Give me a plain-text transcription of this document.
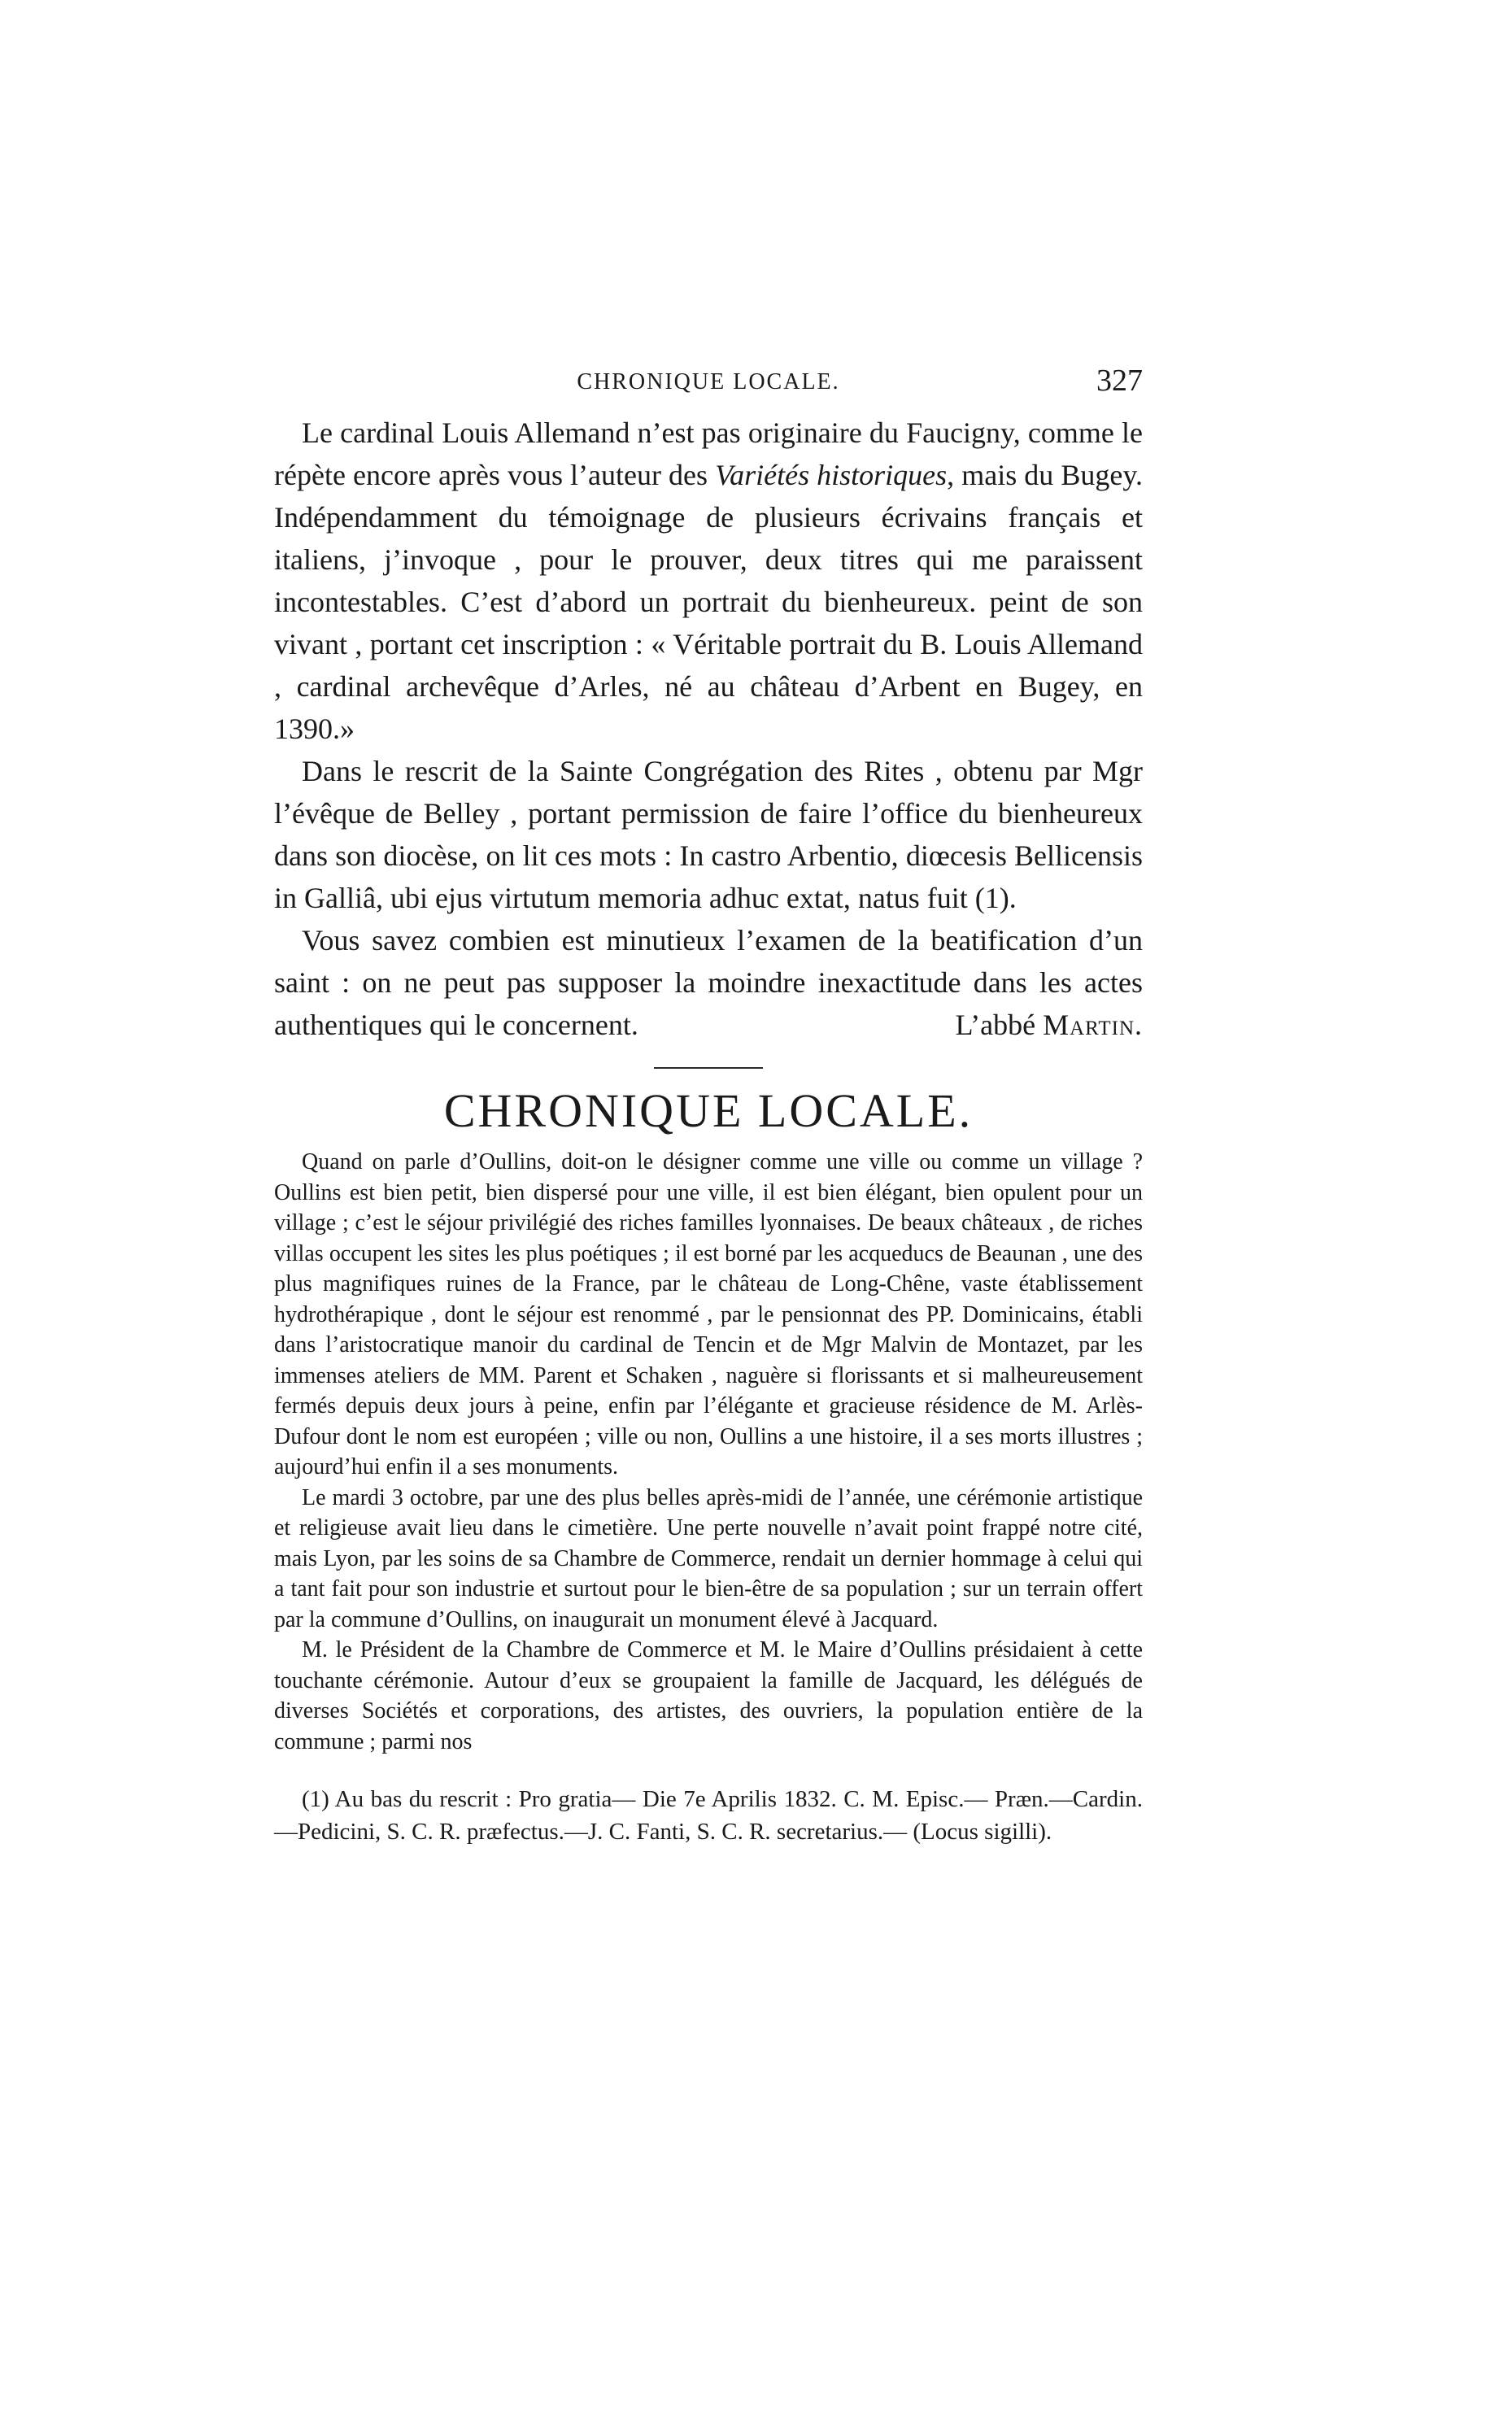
CHRONIQUE LOCALE.	327

Le cardinal Louis Allemand n’est pas originaire du Faucigny, comme le répète encore après vous l’auteur des Variétés historiques, mais du Bugey. Indépendamment du témoignage de plusieurs écrivains français et italiens, j’invoque , pour le prouver, deux titres qui me paraissent incontestables. C’est d’abord un portrait du bienheureux. peint de son vivant , portant cet inscription : « Véritable portrait du B. Louis Allemand , cardinal archevêque d’Arles, né au château d’Arbent en Bugey, en 1390.»

Dans le rescrit de la Sainte Congrégation des Rites , obtenu par Mgr l’évêque de Belley , portant permission de faire l’office du bienheureux dans son diocèse, on lit ces mots : In castro Arbentio, diœcesis Bellicensis in Galliâ, ubi ejus virtutum memoria adhuc extat, natus fuit (1).

Vous savez combien est minutieux l’examen de la beatification d’un saint : on ne peut pas supposer la moindre inexactitude dans les actes authentiques qui le concernent.	L’abbé Martin.

CHRONIQUE LOCALE.

Quand on parle d’Oullins, doit-on le désigner comme une ville ou comme un village ? Oullins est bien petit, bien dispersé pour une ville, il est bien élégant, bien opulent pour un village ; c’est le séjour privilégié des riches familles lyonnaises. De beaux châteaux , de riches villas occupent les sites les plus poétiques ; il est borné par les acqueducs de Beaunan , une des plus magnifiques ruines de la France, par le château de Long-Chêne, vaste établissement hydrothérapique , dont le séjour est renommé , par le pensionnat des PP. Dominicains, établi dans l’aristocratique manoir du cardinal de Tencin et de Mgr Malvin de Montazet, par les immenses ateliers de MM. Parent et Schaken , naguère si florissants et si malheureusement fermés depuis deux jours à peine, enfin par l’élégante et gracieuse résidence de M. Arlès-Dufour dont le nom est européen ; ville ou non, Oullins a une histoire, il a ses morts illustres ; aujourd’hui enfin il a ses monuments.

Le mardi 3 octobre, par une des plus belles après-midi de l’année, une cérémonie artistique et religieuse avait lieu dans le cimetière. Une perte nouvelle n’avait point frappé notre cité, mais Lyon, par les soins de sa Chambre de Commerce, rendait un dernier hommage à celui qui a tant fait pour son industrie et surtout pour le bien-être de sa population ; sur un terrain offert par la commune d’Oullins, on inaugurait un monument élevé à Jacquard.

M. le Président de la Chambre de Commerce et M. le Maire d’Oullins présidaient à cette touchante cérémonie. Autour d’eux se groupaient la famille de Jacquard, les délégués de diverses Sociétés et corporations, des artistes, des ouvriers, la population entière de la commune ; parmi nos

(1) Au bas du rescrit : Pro gratia— Die 7e Aprilis 1832. C. M. Episc.— Præn.—Cardin.—Pedicini, S. C. R. præfectus.—J. C. Fanti, S. C. R. secretarius.— (Locus sigilli).
